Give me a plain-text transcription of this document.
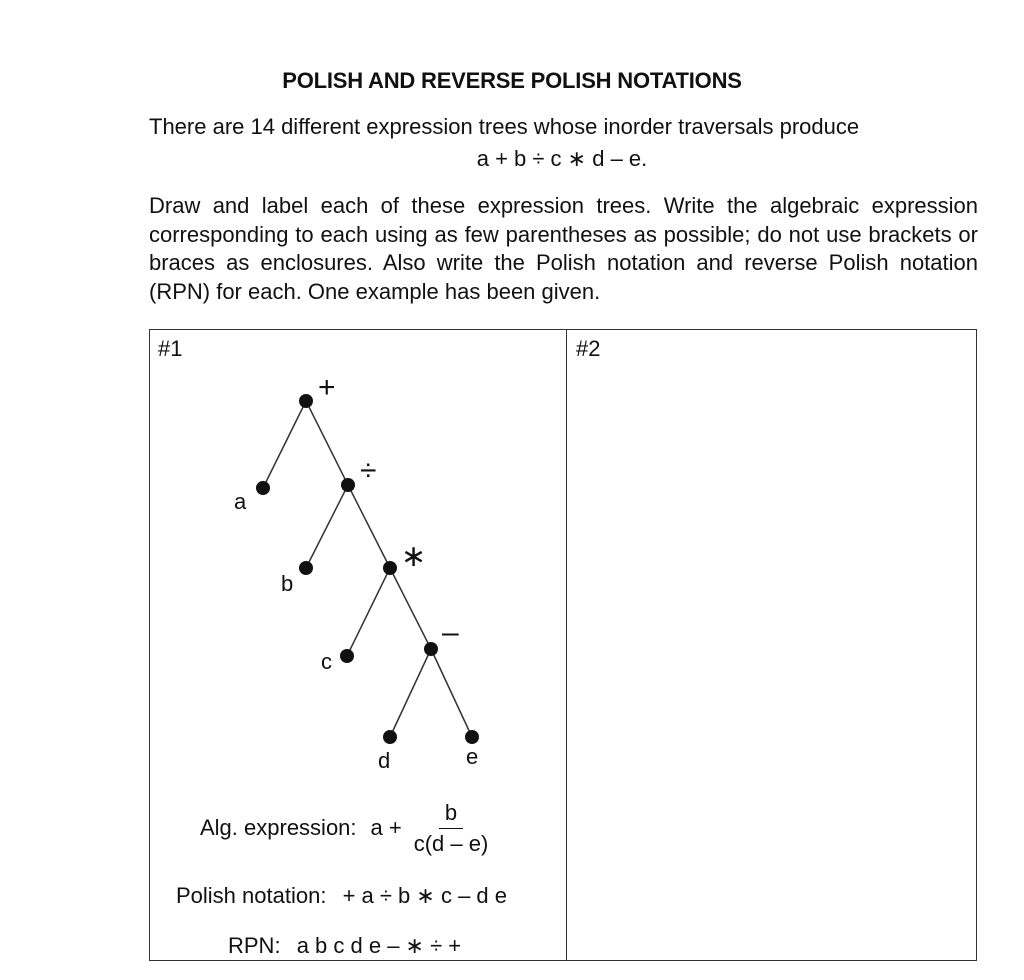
POLISH AND REVERSE POLISH NOTATIONS
There are 14 different expression trees whose inorder traversals produce
a + b ÷ c ∗ d – e.
Draw and label each of these expression trees. Write the algebraic expression corresponding to each using as few parentheses as possible; do not use brackets or braces as enclosures. Also write the Polish notation and reverse Polish notation (RPN) for each. One example has been given.
#1	#2
+
÷
∗
–
a
b
c
d	e
Alg. expression: $a + \frac{b}{c(d - e)}$
Polish notation: + a ÷ b ∗ c – d e
RPN: a b c d e – ∗ ÷ +
